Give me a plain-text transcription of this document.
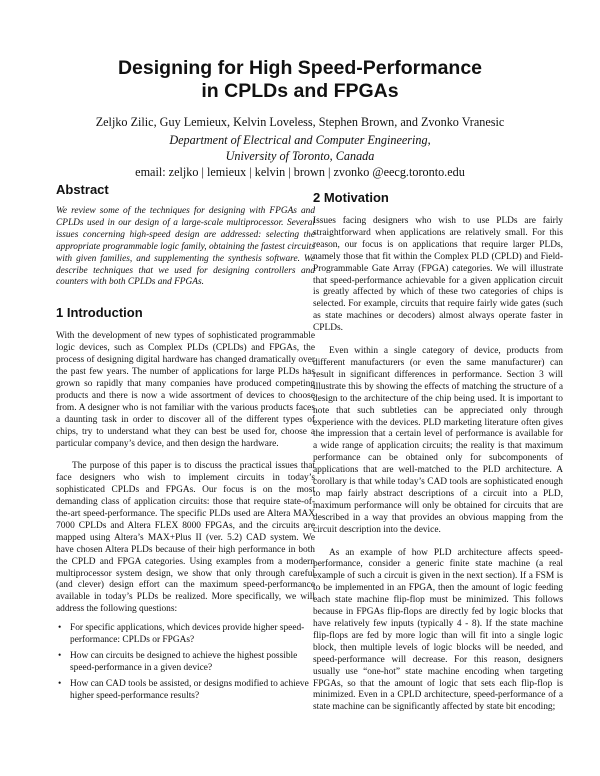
Designing for High Speed-Performance
in CPLDs and FPGAs
Zeljko Zilic, Guy Lemieux, Kelvin Loveless, Stephen Brown, and Zvonko Vranesic
Department of Electrical and Computer Engineering,
University of Toronto, Canada
email: zeljko | lemieux | kelvin | brown | zvonko @eecg.toronto.edu
Abstract

We review some of the techniques for designing with FPGAs and CPLDs used in our design of a large-scale multiprocessor. Several issues concerning high-speed design are addressed: selecting the appropriate programmable logic family, obtaining the fastest circuits with given families, and supplementing the synthesis software. We describe techniques that we used for designing controllers and counters with both CPLDs and FPGAs.

1 Introduction

With the development of new types of sophisticated programmable logic devices, such as Complex PLDs (CPLDs) and FPGAs, the process of designing digital hardware has changed dramatically over the past few years. The number of applications for large PLDs has grown so rapidly that many companies have produced competing products and there is now a wide assortment of devices to choose from. A designer who is not familiar with the various products faces a daunting task in order to discover all of the different types of chips, try to understand what they can best be used for, choose a particular company’s device, and then design the hardware.

The purpose of this paper is to discuss the practical issues that face designers who wish to implement circuits in today’s sophisticated CPLDs and FPGAs. Our focus is on the most demanding class of application circuits: those that require state-of-the-art speed-performance. The specific PLDs used are Altera MAX 7000 CPLDs and Altera FLEX 8000 FPGAs, and the circuits are mapped using Altera’s MAX+Plus II (ver. 5.2) CAD system. We have chosen Altera PLDs because of their high performance in both the CPLD and FPGA categories. Using examples from a modern multiprocessor system design, we show that only through careful (and clever) design effort can the maximum speed-performance available in today’s PLDs be realized. More specifically, we will address the following questions:

• For specific applications, which devices provide higher speed-performance: CPLDs or FPGAs?
• How can circuits be designed to achieve the highest possible speed-performance in a given device?
• How can CAD tools be assisted, or designs modified to achieve higher speed-performance results?
2 Motivation

Issues facing designers who wish to use PLDs are fairly straightforward when applications are relatively small. For this reason, our focus is on applications that require larger PLDs, namely those that fit within the Complex PLD (CPLD) and Field-Programmable Gate Array (FPGA) categories. We will illustrate that speed-performance achievable for a given application circuit is greatly affected by which of these two categories of chips is selected. For example, circuits that require fairly wide gates (such as state machines or decoders) almost always operate faster in CPLDs.

Even within a single category of device, products from different manufacturers (or even the same manufacturer) can result in significant differences in performance. Section 3 will illustrate this by showing the effects of matching the structure of a design to the architecture of the chip being used. It is important to note that such subtleties can be appreciated only through experience with the devices. PLD marketing literature often gives the impression that a certain level of performance is available for a wide range of application circuits; the reality is that maximum performance can be obtained only for subcomponents of applications that are well-matched to the PLD architecture. A corollary is that while today’s CAD tools are sophisticated enough to map fairly abstract descriptions of a circuit into a PLD, maximum performance will only be obtained for circuits that are described in a way that provides an obvious mapping from the circuit description into the device.

As an example of how PLD architecture affects speed-performance, consider a generic finite state machine (a real example of such a circuit is given in the next section). If a FSM is to be implemented in an FPGA, then the amount of logic feeding each state machine flip-flop must be minimized. This follows because in FPGAs flip-flops are directly fed by logic blocks that have relatively few inputs (typically 4 - 8). If the state machine flip-flops are fed by more logic than will fit into a single logic block, then multiple levels of logic blocks will be needed, and speed-performance will decrease. For this reason, designers usually use “one-hot” state machine encoding when targeting FPGAs, so that the amount of logic that sets each flip-flop is minimized. Even in a CPLD architecture, speed-performance of a state machine can be significantly affected by state bit encoding;
